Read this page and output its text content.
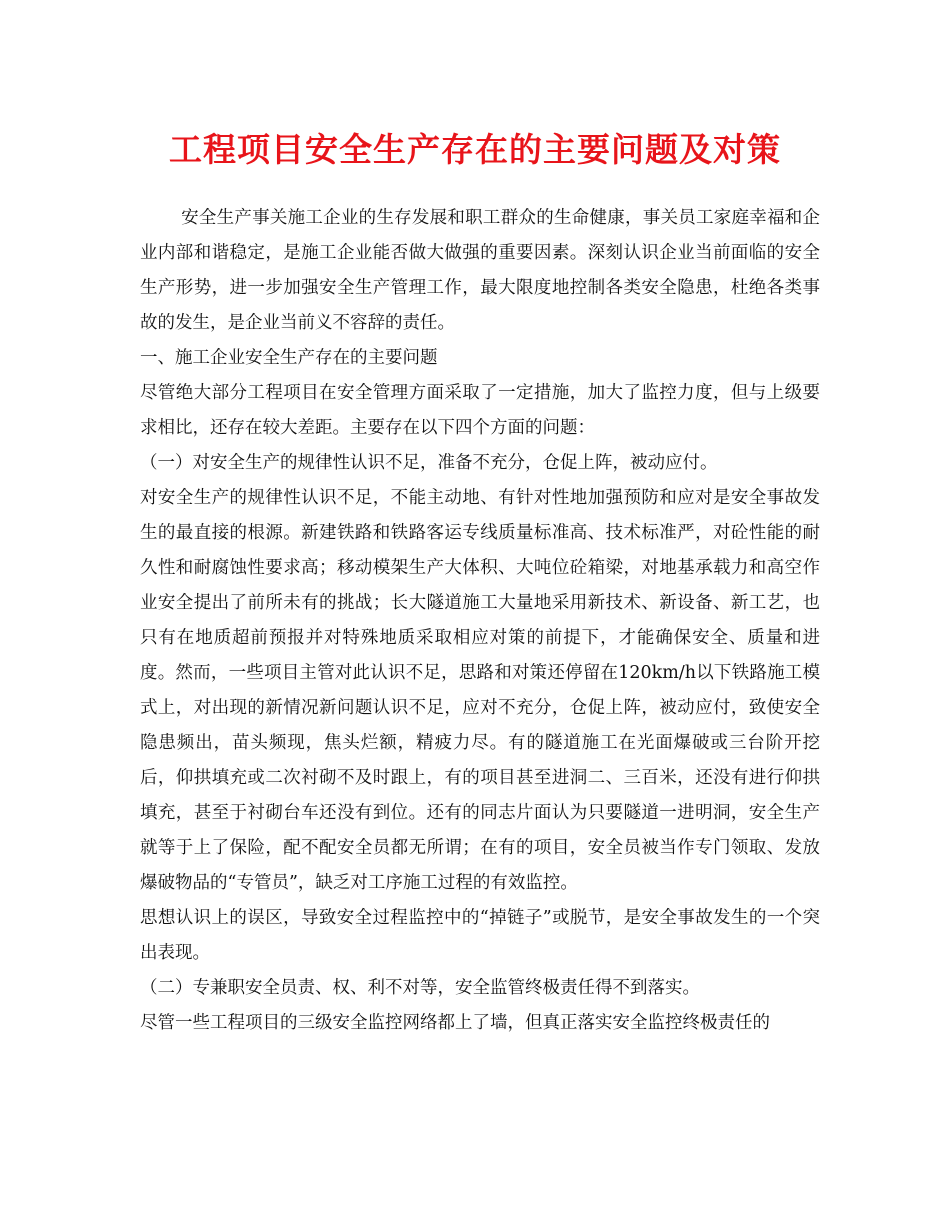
工程项目安全生产存在的主要问题及对策

安全生产事关施工企业的生存发展和职工群众的生命健康，事关员工家庭幸福和企业内部和谐稳定，是施工企业能否做大做强的重要因素。深刻认识企业当前面临的安全生产形势，进一步加强安全生产管理工作，最大限度地控制各类安全隐患，杜绝各类事故的发生，是企业当前义不容辞的责任。

一、施工企业安全生产存在的主要问题

尽管绝大部分工程项目在安全管理方面采取了一定措施，加大了监控力度，但与上级要求相比，还存在较大差距。主要存在以下四个方面的问题：

（一）对安全生产的规律性认识不足，准备不充分，仓促上阵，被动应付。

对安全生产的规律性认识不足，不能主动地、有针对性地加强预防和应对是安全事故发生的最直接的根源。新建铁路和铁路客运专线质量标准高、技术标准严，对砼性能的耐久性和耐腐蚀性要求高；移动模架生产大体积、大吨位砼箱梁，对地基承载力和高空作业安全提出了前所未有的挑战；长大隧道施工大量地采用新技术、新设备、新工艺，也只有在地质超前预报并对特殊地质采取相应对策的前提下，才能确保安全、质量和进度。然而，一些项目主管对此认识不足，思路和对策还停留在120km/h以下铁路施工模式上，对出现的新情况新问题认识不足，应对不充分，仓促上阵，被动应付，致使安全隐患频出，苗头频现，焦头烂额，精疲力尽。有的隧道施工在光面爆破或三台阶开挖后，仰拱填充或二次衬砌不及时跟上，有的项目甚至进洞二、三百米，还没有进行仰拱填充，甚至于衬砌台车还没有到位。还有的同志片面认为只要隧道一进明洞，安全生产就等于上了保险，配不配安全员都无所谓；在有的项目，安全员被当作专门领取、发放爆破物品的“专管员”，缺乏对工序施工过程的有效监控。

思想认识上的误区，导致安全过程监控中的“掉链子”或脱节，是安全事故发生的一个突出表现。

（二）专兼职安全员责、权、利不对等，安全监管终极责任得不到落实。

尽管一些工程项目的三级安全监控网络都上了墙，但真正落实安全监控终极责任的
